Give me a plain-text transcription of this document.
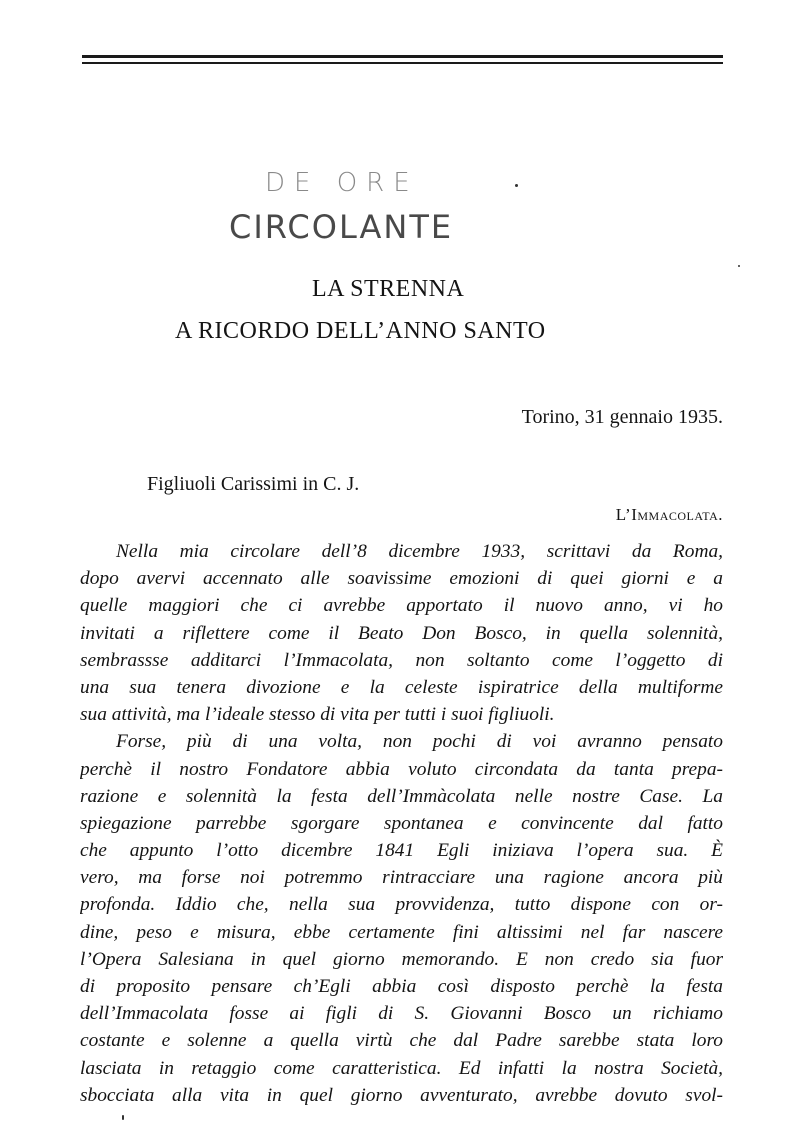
DE ORE
CIRCOLANTE
LA STRENNA
A RICORDO DELL’ANNO SANTO
Torino, 31 gennaio 1935.
Figliuoli Carissimi in C. J.
L’Immacolata.
Nella mia circolare dell’8 dicembre 1933, scrittavi da Roma,
dopo avervi accennato alle soavissime emozioni di quei giorni e a
quelle maggiori che ci avrebbe apportato il nuovo anno, vi ho
invitati a riflettere come il Beato Don Bosco, in quella solennità,
sembrassse additarci l’Immacolata, non soltanto come l’oggetto di
una sua tenera divozione e la celeste ispiratrice della multiforme
sua attività, ma l’ideale stesso di vita per tutti i suoi figliuoli.
Forse, più di una volta, non pochi di voi avranno pensato
perchè il nostro Fondatore abbia voluto circondata da tanta prepa-
razione e solennità la festa dell’Immàcolata nelle nostre Case. La
spiegazione parrebbe sgorgare spontanea e convincente dal fatto
che appunto l’otto dicembre 1841 Egli iniziava l’opera sua. È
vero, ma forse noi potremmo rintracciare una ragione ancora più
profonda. Iddio che, nella sua provvidenza, tutto dispone con or-
dine, peso e misura, ebbe certamente fini altissimi nel far nascere
l’Opera Salesiana in quel giorno memorando. E non credo sia fuor
di proposito pensare ch’Egli abbia così disposto perchè la festa
dell’Immacolata fosse ai figli di S. Giovanni Bosco un richiamo
costante e solenne a quella virtù che dal Padre sarebbe stata loro
lasciata in retaggio come caratteristica. Ed infatti la nostra Società,
sbocciata alla vita in quel giorno avventurato, avrebbe dovuto svol-
